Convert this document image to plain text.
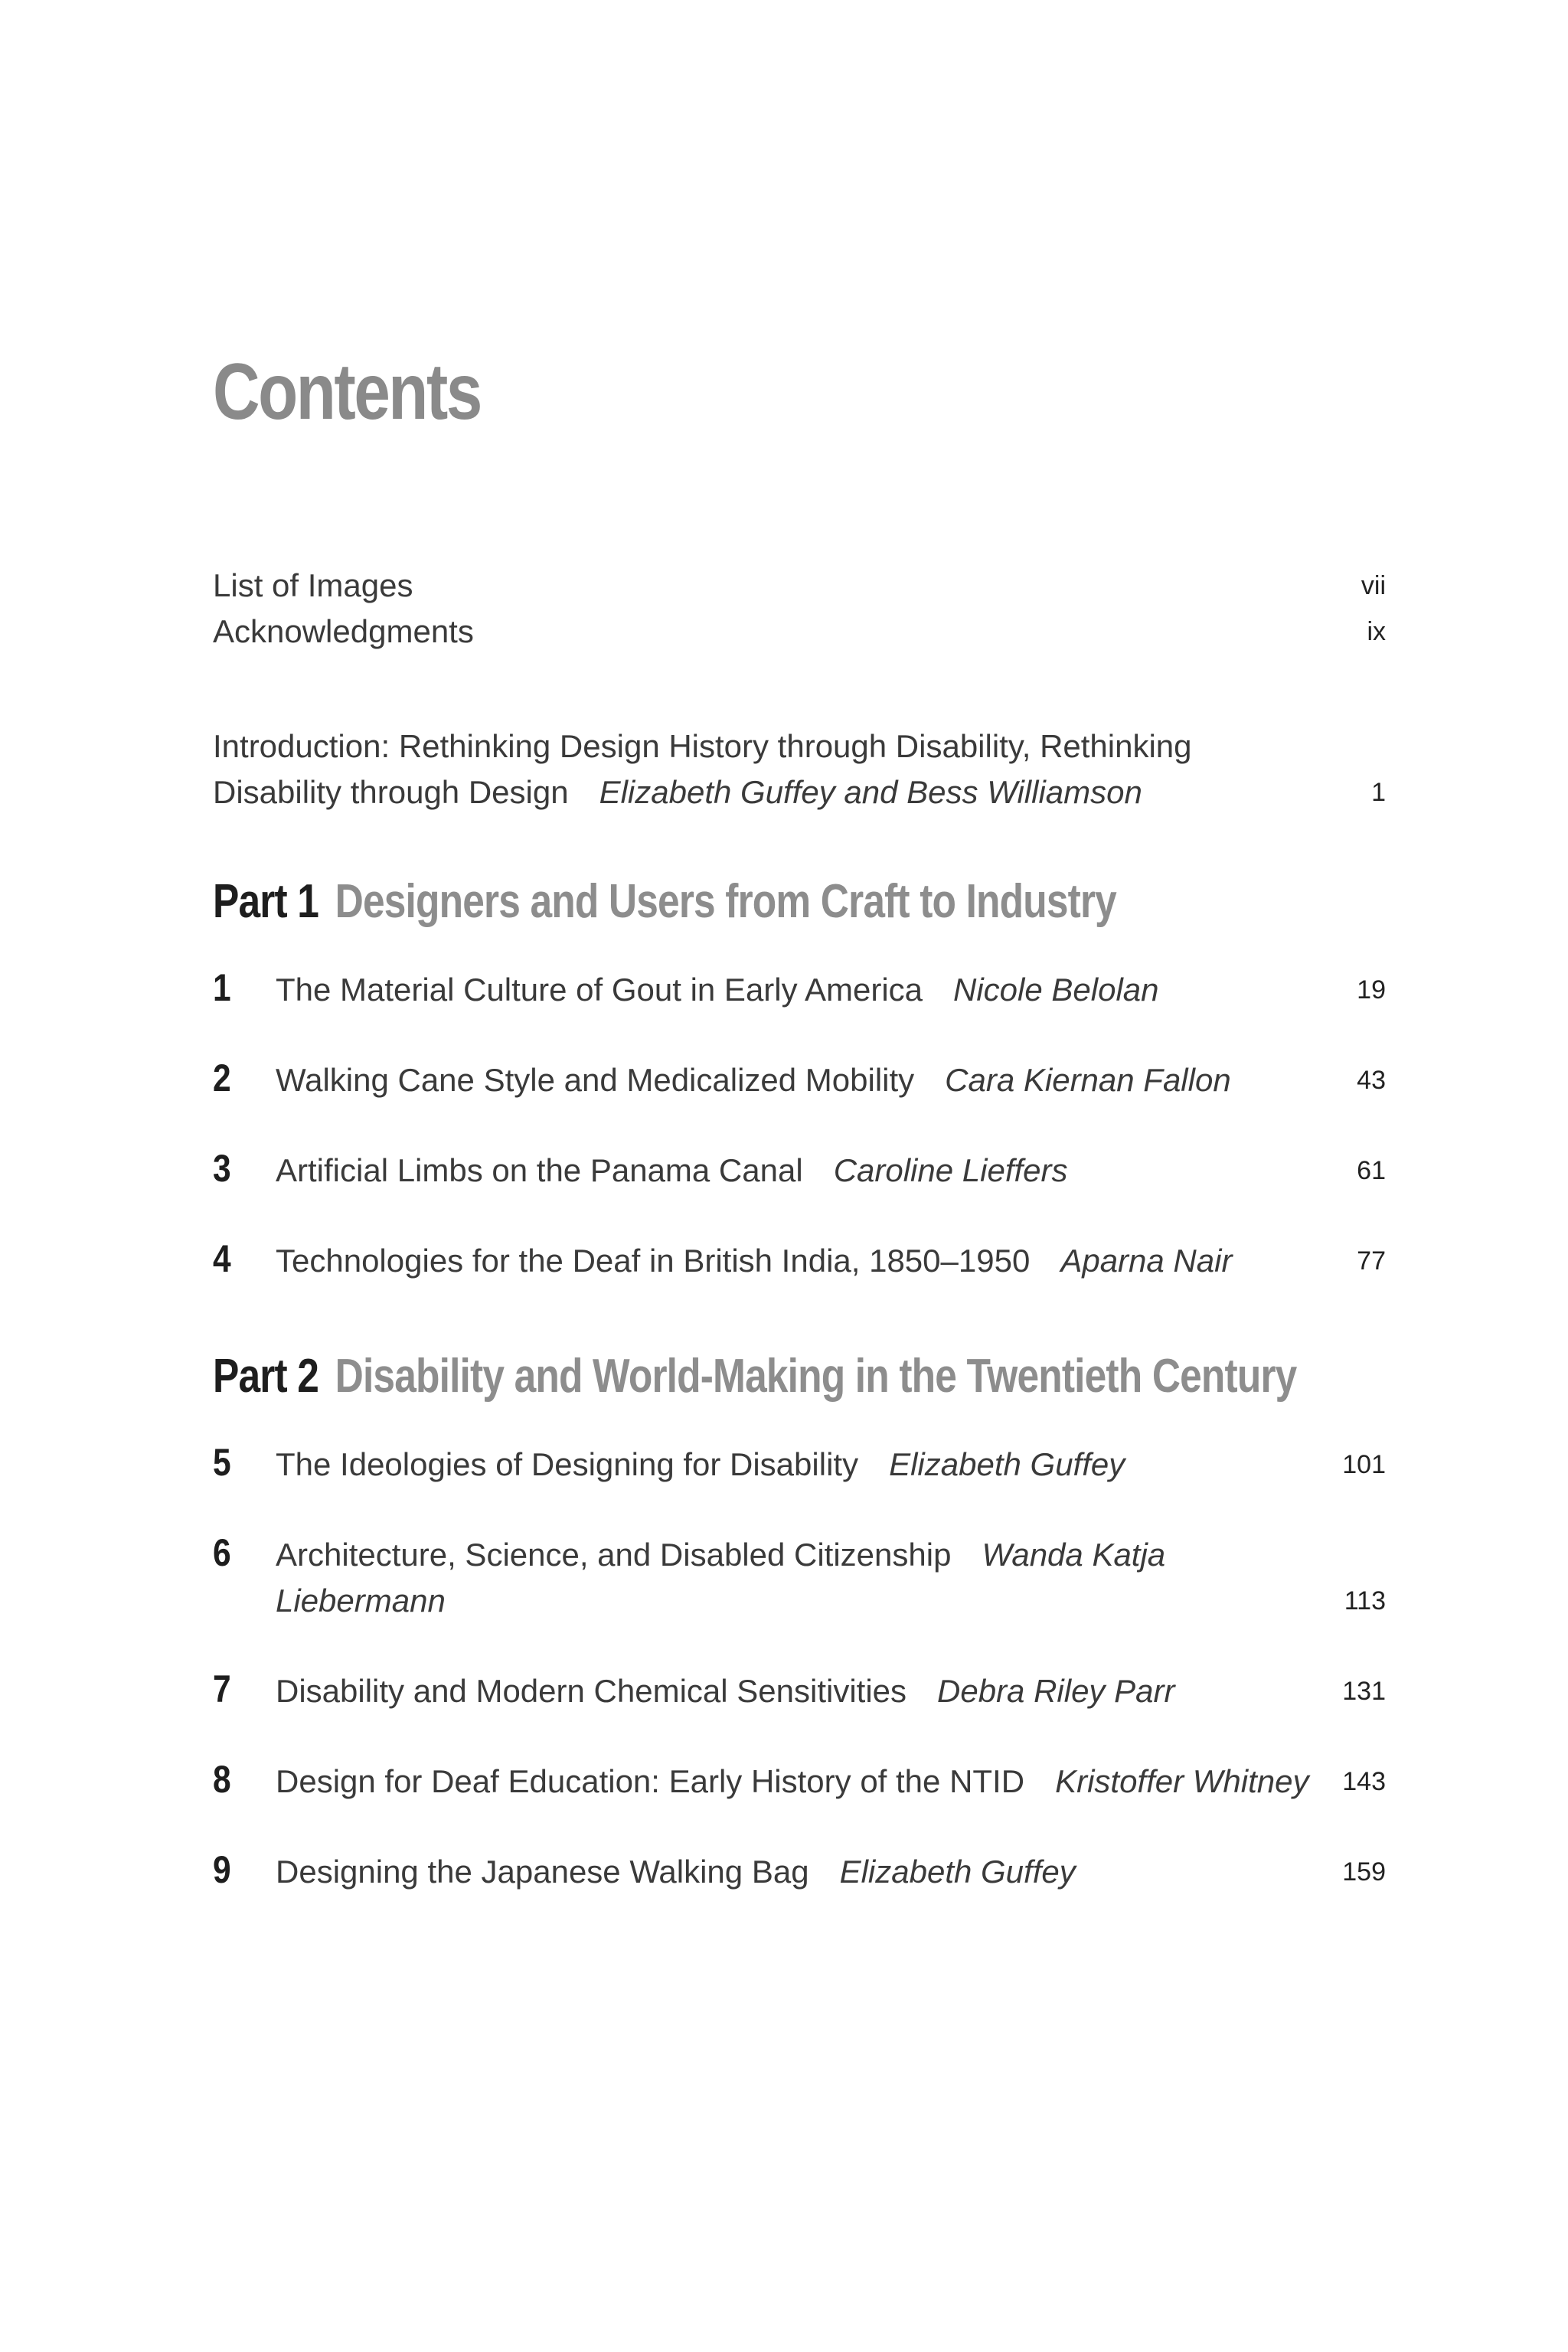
Contents
List of Images	vii
Acknowledgments	ix
Introduction: Rethinking Design History through Disability, Rethinking
Disability through Design Elizabeth Guffey and Bess Williamson	1
Part 1 Designers and Users from Craft to Industry
1 The Material Culture of Gout in Early America Nicole Belolan	19
2 Walking Cane Style and Medicalized Mobility Cara Kiernan Fallon	43
3 Artificial Limbs on the Panama Canal Caroline Lieffers	61
4 Technologies for the Deaf in British India, 1850–1950 Aparna Nair	77
Part 2 Disability and World-Making in the Twentieth Century
5 The Ideologies of Designing for Disability Elizabeth Guffey	101
6 Architecture, Science, and Disabled Citizenship Wanda Katja
Liebermann	113
7 Disability and Modern Chemical Sensitivities Debra Riley Parr	131
8 Design for Deaf Education: Early History of the NTID Kristoffer Whitney 143
9 Designing the Japanese Walking Bag Elizabeth Guffey	159
